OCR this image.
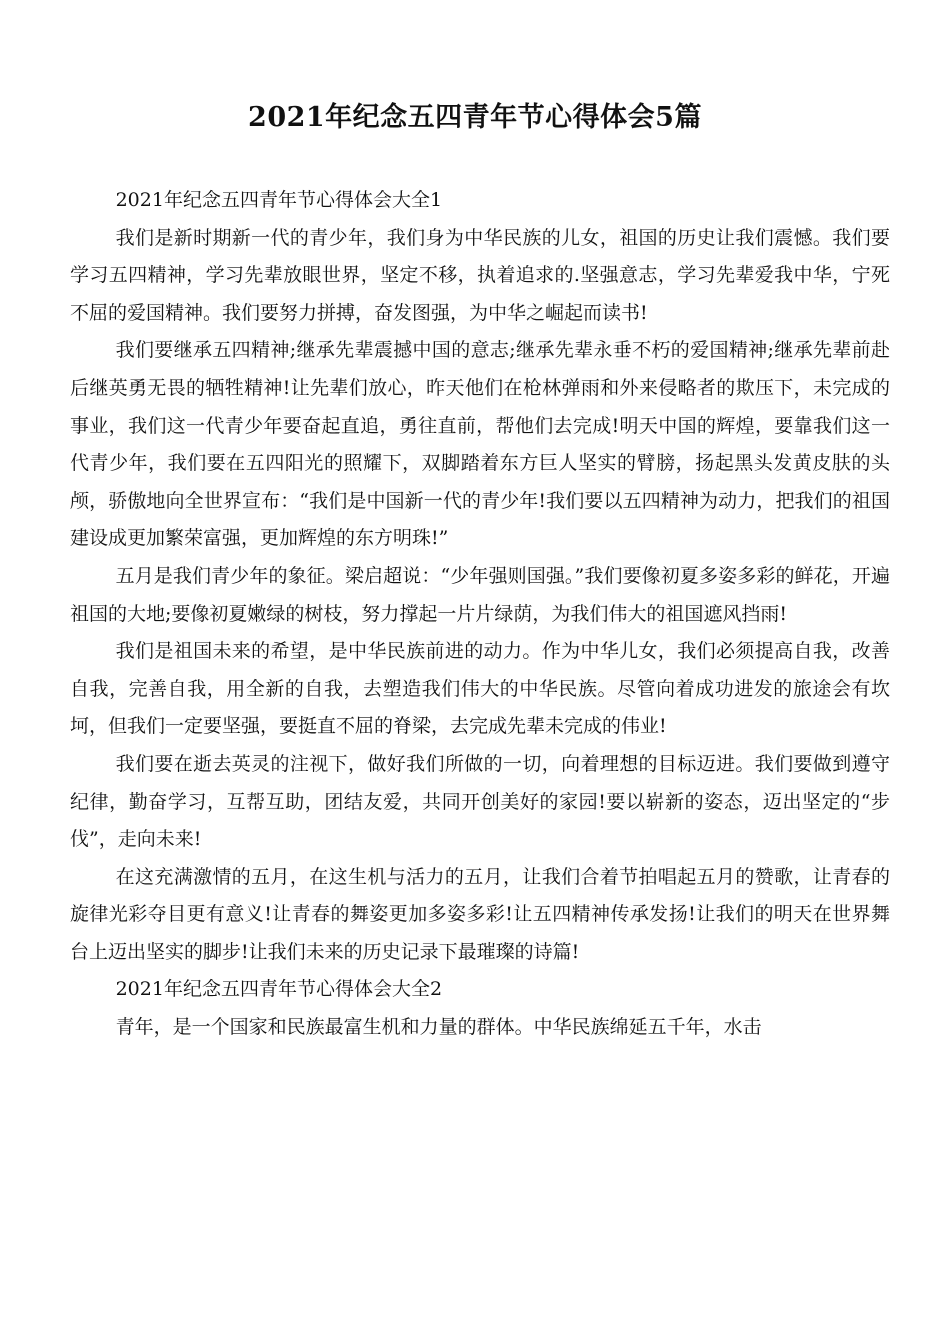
2021年纪念五四青年节心得体会5篇

2021年纪念五四青年节心得体会大全1

我们是新时期新一代的青少年，我们身为中华民族的儿女，祖国的历史让我们震憾。我们要学习五四精神，学习先辈放眼世界，坚定不移，执着追求的.坚强意志，学习先辈爱我中华，宁死不屈的爱国精神。我们要努力拼搏，奋发图强，为中华之崛起而读书!

我们要继承五四精神;继承先辈震撼中国的意志;继承先辈永垂不朽的爱国精神;继承先辈前赴后继英勇无畏的牺牲精神!让先辈们放心，昨天他们在枪林弹雨和外来侵略者的欺压下，未完成的事业，我们这一代青少年要奋起直追，勇往直前，帮他们去完成!明天中国的辉煌，要靠我们这一代青少年，我们要在五四阳光的照耀下，双脚踏着东方巨人坚实的臂膀，扬起黑头发黄皮肤的头颅，骄傲地向全世界宣布：“我们是中国新一代的青少年!我们要以五四精神为动力，把我们的祖国建设成更加繁荣富强，更加辉煌的东方明珠!”

五月是我们青少年的象征。梁启超说：“少年强则国强。”我们要像初夏多姿多彩的鲜花，开遍祖国的大地;要像初夏嫩绿的树枝，努力撑起一片片绿荫，为我们伟大的祖国遮风挡雨!

我们是祖国未来的希望，是中华民族前进的动力。作为中华儿女，我们必须提高自我，改善自我，完善自我，用全新的自我，去塑造我们伟大的中华民族。尽管向着成功进发的旅途会有坎坷，但我们一定要坚强，要挺直不屈的脊梁，去完成先辈未完成的伟业!

我们要在逝去英灵的注视下，做好我们所做的一切，向着理想的目标迈进。我们要做到遵守纪律，勤奋学习，互帮互助，团结友爱，共同开创美好的家园!要以崭新的姿态，迈出坚定的“步伐”，走向未来!

在这充满激情的五月，在这生机与活力的五月，让我们合着节拍唱起五月的赞歌，让青春的旋律光彩夺目更有意义!让青春的舞姿更加多姿多彩!让五四精神传承发扬!让我们的明天在世界舞台上迈出坚实的脚步!让我们未来的历史记录下最璀璨的诗篇!

2021年纪念五四青年节心得体会大全2

青年，是一个国家和民族最富生机和力量的群体。中华民族绵延五千年，水击
